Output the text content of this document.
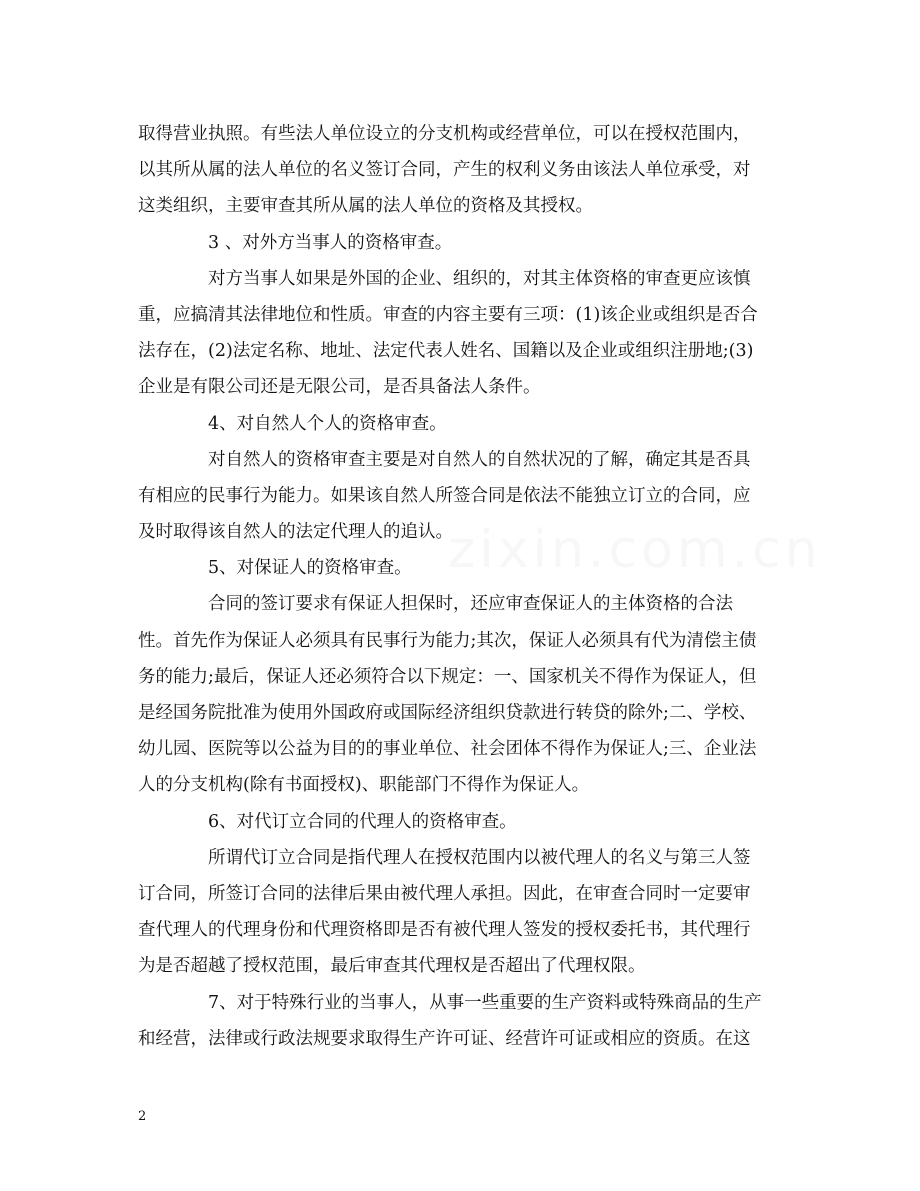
zixin.com.cn
取得营业执照。有些法人单位设立的分支机构或经营单位，可以在授权范围内，
以其所从属的法人单位的名义签订合同，产生的权利义务由该法人单位承受，对
这类组织，主要审查其所从属的法人单位的资格及其授权。
3 、对外方当事人的资格审查。
对方当事人如果是外国的企业、组织的，对其主体资格的审查更应该慎
重，应搞清其法律地位和性质。审查的内容主要有三项：(1)该企业或组织是否合
法存在，(2)法定名称、地址、法定代表人姓名、国籍以及企业或组织注册地;(3)
企业是有限公司还是无限公司，是否具备法人条件。
4、对自然人个人的资格审查。
对自然人的资格审查主要是对自然人的自然状况的了解，确定其是否具
有相应的民事行为能力。如果该自然人所签合同是依法不能独立订立的合同，应
及时取得该自然人的法定代理人的追认。
5、对保证人的资格审查。
合同的签订要求有保证人担保时，还应审查保证人的主体资格的合法
性。首先作为保证人必须具有民事行为能力;其次，保证人必须具有代为清偿主债
务的能力;最后，保证人还必须符合以下规定：一、国家机关不得作为保证人，但
是经国务院批准为使用外国政府或国际经济组织贷款进行转贷的除外;二、学校、
幼儿园、医院等以公益为目的的事业单位、社会团体不得作为保证人;三、企业法
人的分支机构(除有书面授权)、职能部门不得作为保证人。
6、对代订立合同的代理人的资格审查。
所谓代订立合同是指代理人在授权范围内以被代理人的名义与第三人签
订合同，所签订合同的法律后果由被代理人承担。因此，在审查合同时一定要审
查代理人的代理身份和代理资格即是否有被代理人签发的授权委托书，其代理行
为是否超越了授权范围，最后审查其代理权是否超出了代理权限。
7、对于特殊行业的当事人，从事一些重要的生产资料或特殊商品的生产
和经营，法律或行政法规要求取得生产许可证、经营许可证或相应的资质。在这
2
